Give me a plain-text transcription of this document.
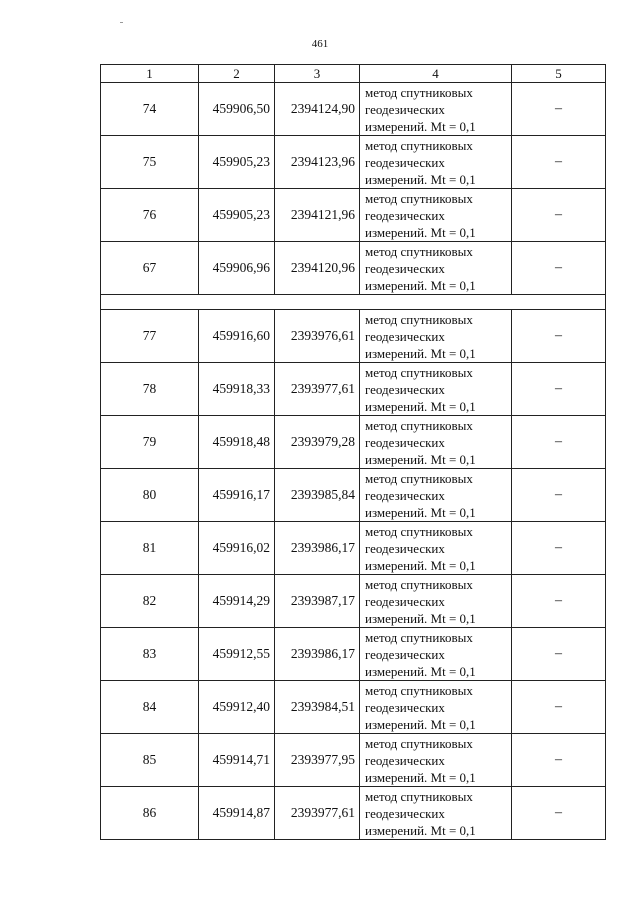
461
1	2	3	4	5
74	459906,50	2394124,90	метод спутниковых
геодезических
измерений. Mt = 0,1	–
75	459905,23	2394123,96	метод спутниковых
геодезических
измерений. Mt = 0,1	–
76	459905,23	2394121,96	метод спутниковых
геодезических
измерений. Mt = 0,1	–
67	459906,96	2394120,96	метод спутниковых
геодезических
измерений. Mt = 0,1	–

77	459916,60	2393976,61	метод спутниковых
геодезических
измерений. Mt = 0,1	–
78	459918,33	2393977,61	метод спутниковых
геодезических
измерений. Mt = 0,1	–
79	459918,48	2393979,28	метод спутниковых
геодезических
измерений. Mt = 0,1	–
80	459916,17	2393985,84	метод спутниковых
геодезических
измерений. Mt = 0,1	–
81	459916,02	2393986,17	метод спутниковых
геодезических
измерений. Mt = 0,1	–
82	459914,29	2393987,17	метод спутниковых
геодезических
измерений. Mt = 0,1	–
83	459912,55	2393986,17	метод спутниковых
геодезических
измерений. Mt = 0,1	–
84	459912,40	2393984,51	метод спутниковых
геодезических
измерений. Mt = 0,1	–
85	459914,71	2393977,95	метод спутниковых
геодезических
измерений. Mt = 0,1	–
86	459914,87	2393977,61	метод спутниковых
геодезических
измерений. Mt = 0,1	–
